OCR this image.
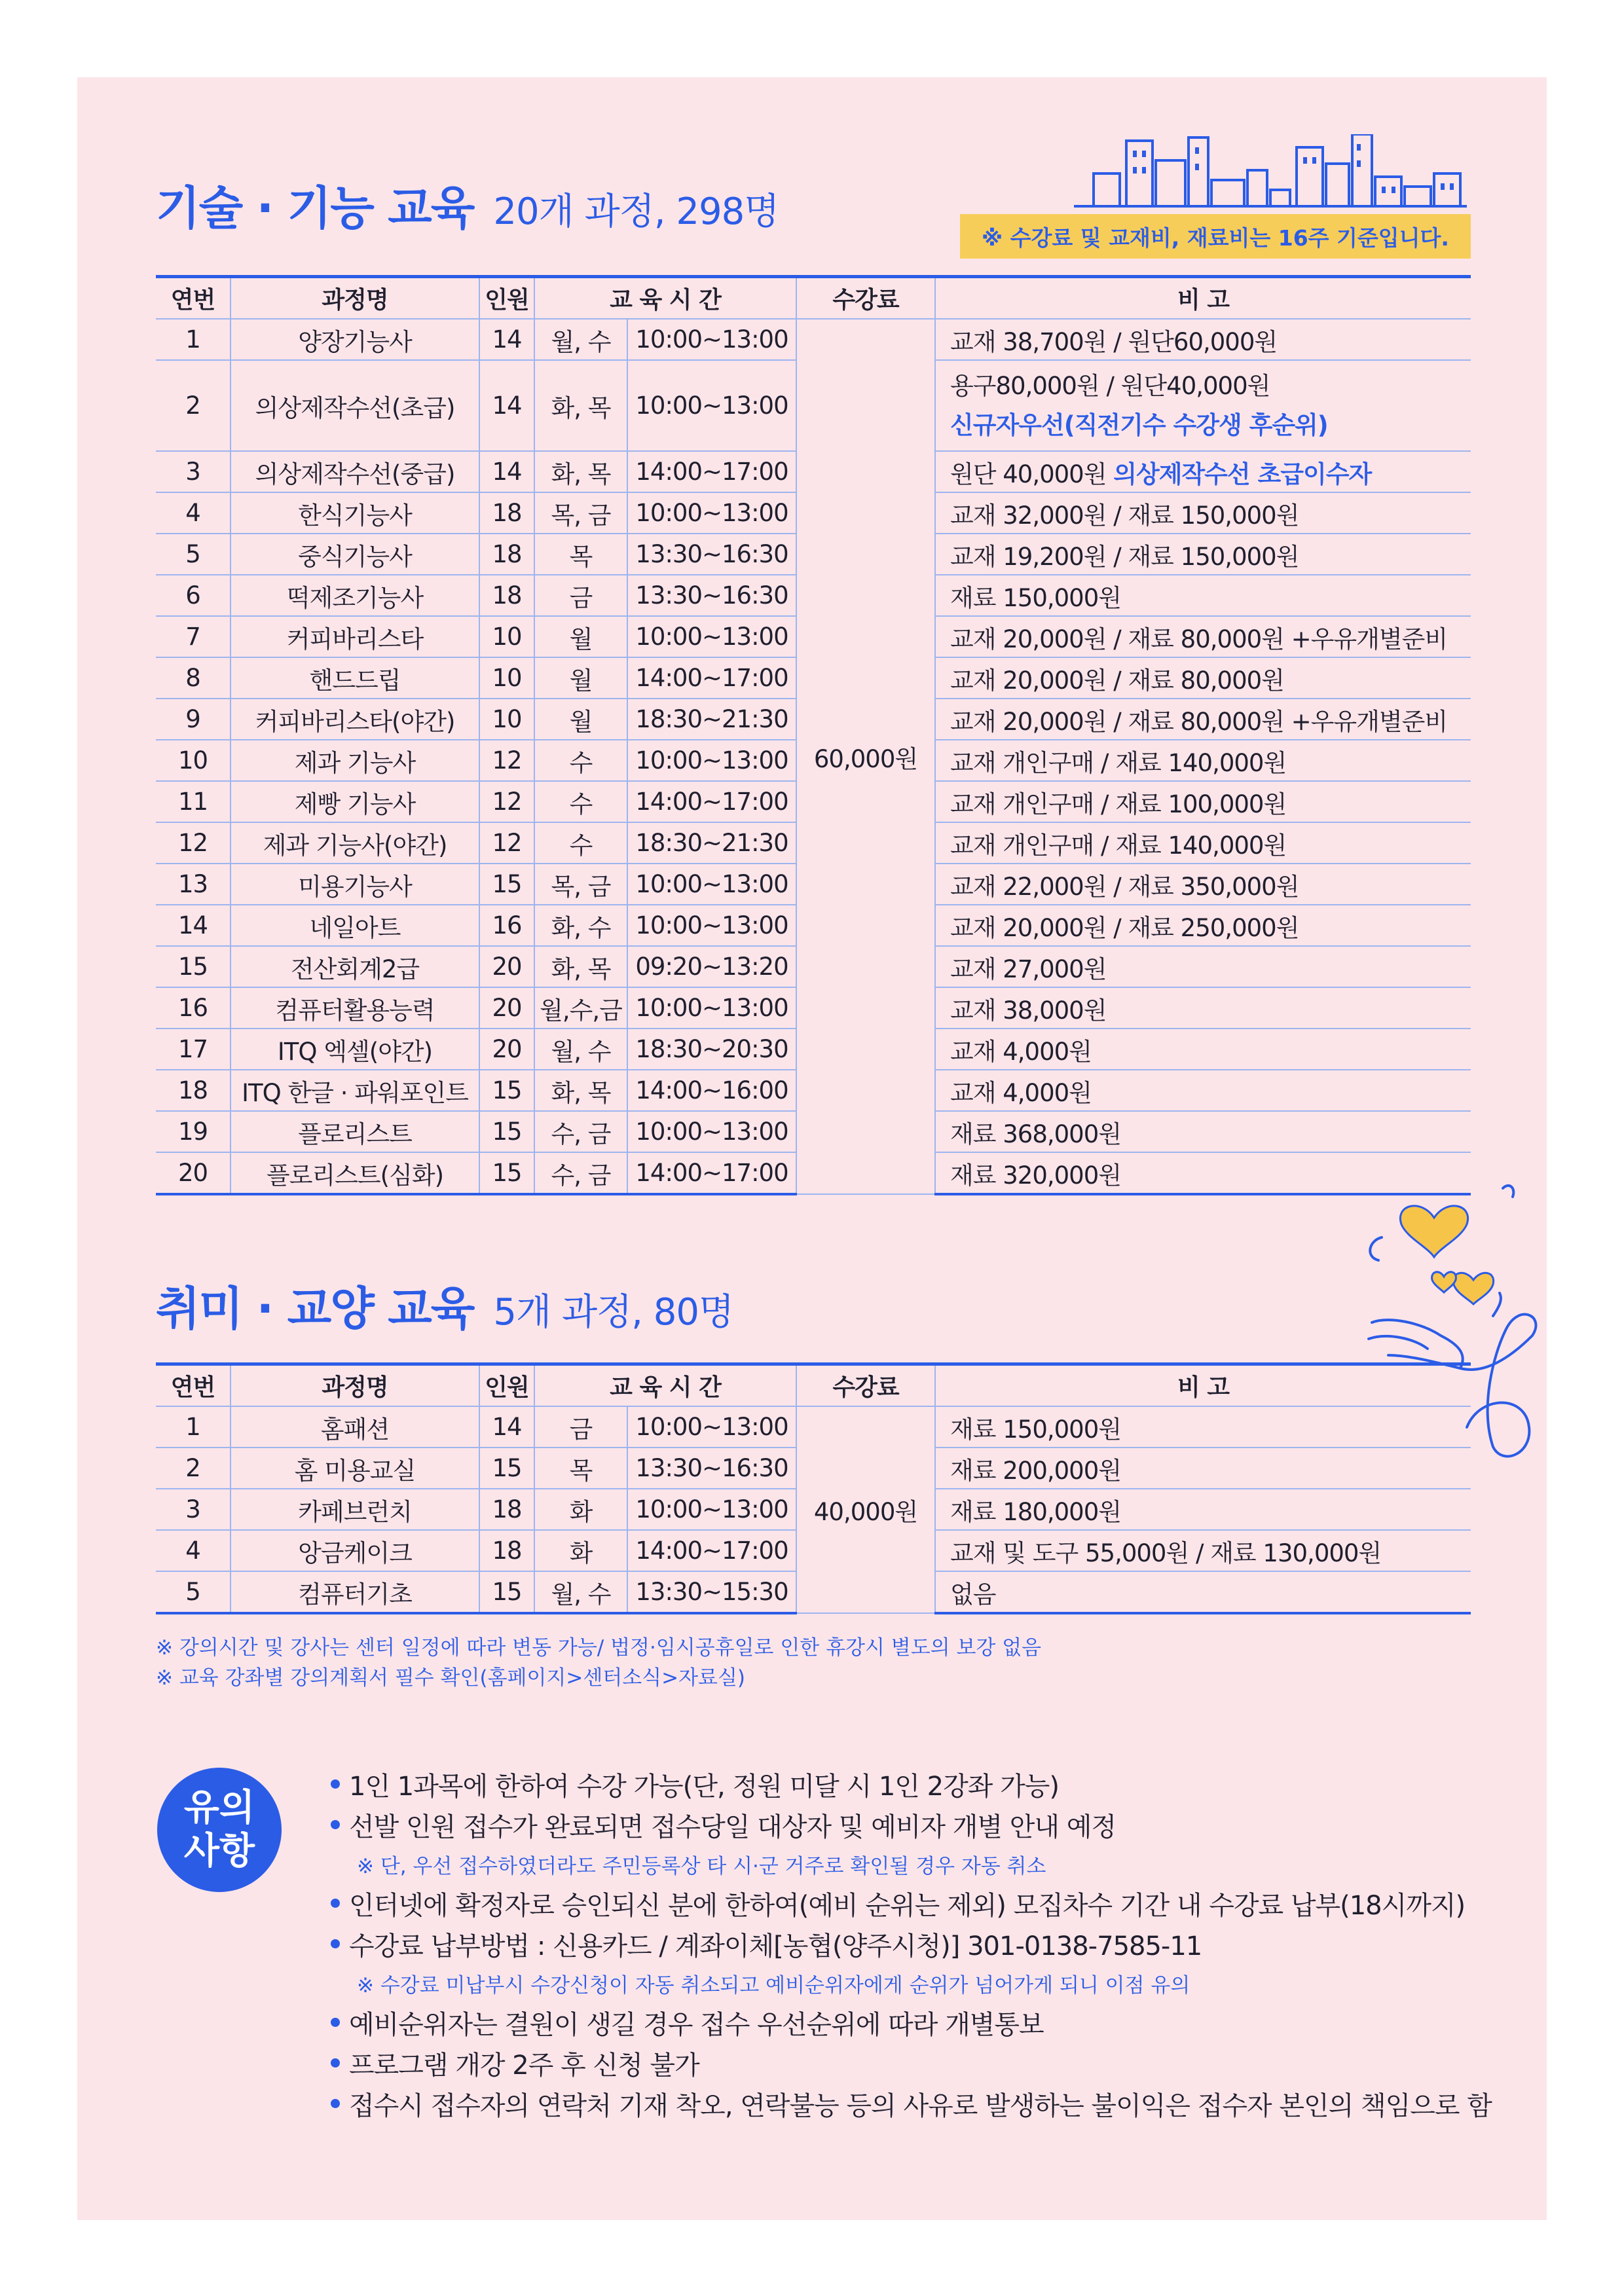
기술 · 기능 교육 20개 과정, 298명
※ 수강료 및 교재비, 재료비는 16주 기준입니다.
연번	과정명	인원	교 육 시 간		수강료	비 고
1	양장기능사	14	월, 수	10:00~13:00	60,000원	교재 38,700원 / 원단60,000원
2	의상제작수선(초급)	14	화, 목	10:00~13:00		용구80,000원 / 원단40,000원
신규자우선(직전기수 수강생 후순위)

3	의상제작수선(중급)	14	화, 목	14:00~17:00		원단 40,000원 의상제작수선 초급이수자
4	한식기능사	18	목, 금	10:00~13:00		교재 32,000원 / 재료 150,000원
5	중식기능사	18	목	13:30~16:30		교재 19,200원 / 재료 150,000원
6	떡제조기능사	18	금	13:30~16:30		재료 150,000원
7	커피바리스타	10	월	10:00~13:00		교재 20,000원 / 재료 80,000원 +우유개별준비
8	핸드드립	10	월	14:00~17:00		교재 20,000원 / 재료 80,000원
9	커피바리스타(야간)	10	월	18:30~21:30		교재 20,000원 / 재료 80,000원 +우유개별준비
10	제과 기능사	12	수	10:00~13:00		교재 개인구매 / 재료 140,000원
11	제빵 기능사	12	수	14:00~17:00		교재 개인구매 / 재료 100,000원
12	제과 기능사(야간)	12	수	18:30~21:30		교재 개인구매 / 재료 140,000원
13	미용기능사	15	목, 금	10:00~13:00		교재 22,000원 / 재료 350,000원
14	네일아트	16	화, 수	10:00~13:00		교재 20,000원 / 재료 250,000원
15	전산회계2급	20	화, 목	09:20~13:20		교재 27,000원
16	컴퓨터활용능력	20	월,수,금	10:00~13:00		교재 38,000원
17	ITQ 엑셀(야간)	20	월, 수	18:30~20:30		교재 4,000원
18	ITQ 한글 · 파워포인트	15	화, 목	14:00~16:00		교재 4,000원
19	플로리스트	15	수, 금	10:00~13:00		재료 368,000원
20	플로리스트(심화)	15	수, 금	14:00~17:00		재료 320,000원
취미 · 교양 교육 5개 과정, 80명
연번	과정명	인원	교 육 시 간		수강료	비 고
1	홈패션	14	금	10:00~13:00	40,000원	재료 150,000원
2	홈 미용교실	15	목	13:30~16:30		재료 200,000원
3	카페브런치	18	화	10:00~13:00		재료 180,000원
4	앙금케이크	18	화	14:00~17:00		교재 및 도구 55,000원 / 재료 130,000원
5	컴퓨터기초	15	월, 수	13:30~15:30		없음
※ 강의시간 및 강사는 센터 일정에 따라 변동 가능/ 법정·임시공휴일로 인한 휴강시 별도의 보강 없음
※ 교육 강좌별 강의계획서 필수 확인(홈페이지>센터소식>자료실)
유의
사항
1인 1과목에 한하여 수강 가능(단, 정원 미달 시 1인 2강좌 가능)
선발 인원 접수가 완료되면 접수당일 대상자 및 예비자 개별 안내 예정
※ 단, 우선 접수하였더라도 주민등록상 타 시·군 거주로 확인될 경우 자동 취소
인터넷에 확정자로 승인되신 분에 한하여(예비 순위는 제외) 모집차수 기간 내 수강료 납부(18시까지)
수강료 납부방법 : 신용카드 / 계좌이체[농협(양주시청)] 301-0138-7585-11
※ 수강료 미납부시 수강신청이 자동 취소되고 예비순위자에게 순위가 넘어가게 되니 이점 유의
예비순위자는 결원이 생길 경우 접수 우선순위에 따라 개별통보
프로그램 개강 2주 후 신청 불가
접수시 접수자의 연락처 기재 착오, 연락불능 등의 사유로 발생하는 불이익은 접수자 본인의 책임으로 함
